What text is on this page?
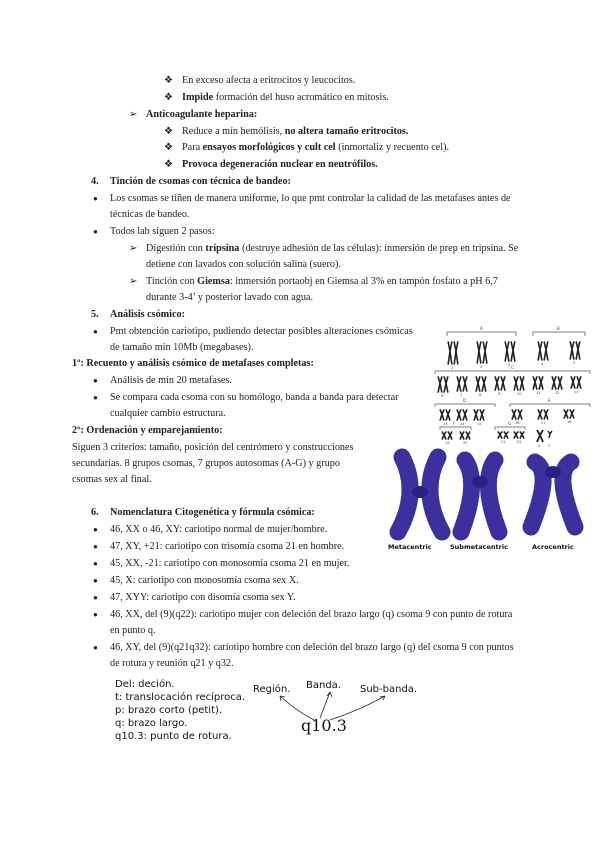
❖ En exceso afecta a eritrocitos y leucocitos.
❖ Impide formación del huso acromático en mitosis.
➢ Anticoagulante heparina:
❖ Reduce a mín hemólisis, no altera tamaño eritrocitos.
❖ Para ensayos morfológicos y cult cel (inmortaliz y recuento cel).
❖ Provoca degeneración nuclear en neutrófilos.
4. Tinción de csomas con técnica de bandeo:
● Los csomas se tiñen de manera uniforme, lo que pmt controlar la calidad de las metafases antes de
técnicas de bandeo.
● Todos lab siguen 2 pasos:
➢ Digestión con tripsina (destruye adhesión de las células): inmersión de prep en tripsina. Se
detiene con lavados con solución salina (suero).
➢ Tinción con Giemsa: inmersión portaobj en Giemsa al 3% en tampón fosfato a pH 6,7
durante 3-4’ y posterior lavado con agua.
5. Análisis csómico:
● Pmt obtención cariotipo, pudiendo detectar posibles alteraciones csómicas
de tamaño mín 10Mb (megabases).
1º: Recuento y análisis csómico de metafases completas:
● Análisis de mín 20 metafases.
● Se compara cada csoma con su homólogo, banda a banda para detectar
cualquier cambio estructura.
2º: Ordenación y emparejamiento:
Siguen 3 criterios: tamaño, posición del centrómero y construcciones
secundarias. 8 grupos csomas, 7 grupos autosomas (A-G) y grupo
csomas sex al final.
A	B
C
D	E
F	G
1	2	3	4	5
6	7	8	9	10	11	12	13
13	14	15	16	17	18
19	20	21	22
X Y
Metacentric	Submetacentric	Acrocentric
6. Nomenclatura Citogenética y fórmula csómica:
● 46, XX o 46, XY: cariotipo normal de mujer/hombre.
● 47, XY, +21: cariotipo con trisomía csoma 21 en hombre.
● 45, XX, -21: cariotipo con monosomía csoma 21 en mujer.
● 45, X: cariotipo con monosomía csoma sex X.
● 47, XYY: cariotipo con disomía csoma sex Y.
● 46, XX, del (9)(q22): cariotipo mujer con deleción del brazo largo (q) csoma 9 con punto de rotura
en punto q.
● 46, XY, del (9)(q21q32): cariotipo hombre con deleción del brazo largo (q) del csoma 9 con puntos
de rotura y reunión q21 y q32.
Del: deción.
t: translocación recíproca.
p: brazo corto (petit).
q: brazo largo.
q10.3: punto de rotura.
Región. Banda. Sub-banda.
q10.3
